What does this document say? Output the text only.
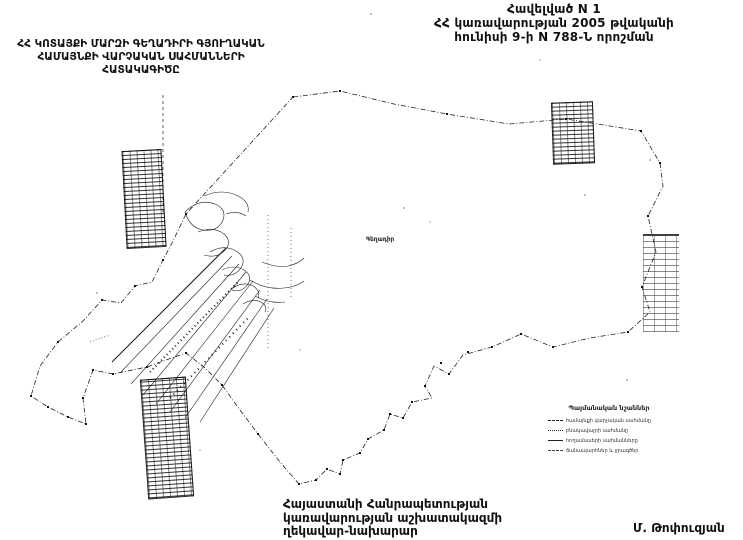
Պայմանական նշաններ
համայնքի վարչական սահմանը
բնակավայրի սահմանը
հողամասերի սահմանները
ճանապարհներ և ջրագծեր
Հավելված N 1
ՀՀ կառավարության 2005 թվականի
հունիսի 9-ի N 788-Ն որոշման
ՀՀ ԿՈՏԱՅՔԻ ՄԱՐԶԻ ԳԵՂԱԴԻՐԻ ԳՅՈՒՂԱԿԱՆ
ՀԱՄԱՅՆՔԻ ՎԱՐՉԱԿԱՆ ՍԱՀՄԱՆՆԵՐԻ
ՀԱՏԱԿԱԳԻԾԸ
Գեղադիր
Հայաստանի Հանրապետության
կառավարության աշխատակազմի
ղեկավար-նախարար	Մ. Թոփուզյան
